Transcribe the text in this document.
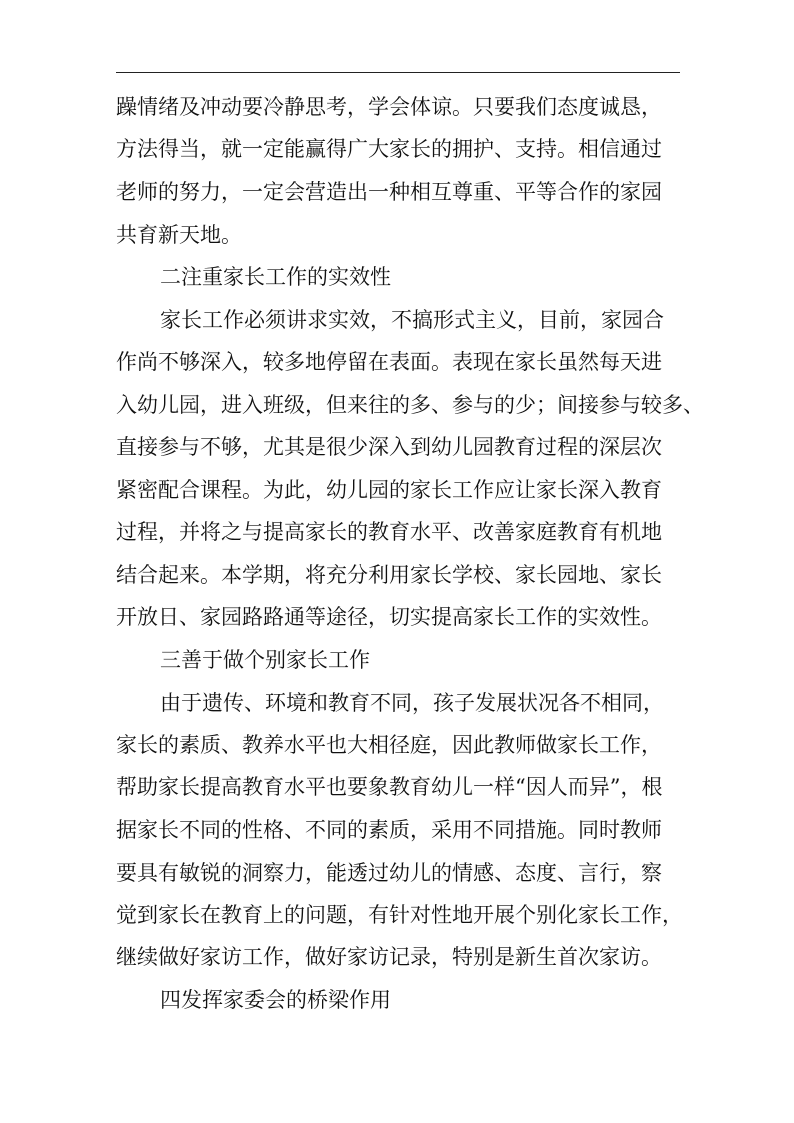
躁情绪及冲动要冷静思考，学会体谅。只要我们态度诚恳，
方法得当，就一定能赢得广大家长的拥护、支持。相信通过
老师的努力，一定会营造出一种相互尊重、平等合作的家园
共育新天地。
二注重家长工作的实效性
家长工作必须讲求实效，不搞形式主义，目前，家园合
作尚不够深入，较多地停留在表面。表现在家长虽然每天进
入幼儿园，进入班级，但来往的多、参与的少；间接参与较多、
直接参与不够，尤其是很少深入到幼儿园教育过程的深层次
紧密配合课程。为此，幼儿园的家长工作应让家长深入教育
过程，并将之与提高家长的教育水平、改善家庭教育有机地
结合起来。本学期，将充分利用家长学校、家长园地、家长
开放日、家园路路通等途径，切实提高家长工作的实效性。
三善于做个别家长工作
由于遗传、环境和教育不同，孩子发展状况各不相同，
家长的素质、教养水平也大相径庭，因此教师做家长工作，
帮助家长提高教育水平也要象教育幼儿一样“因人而异”，根
据家长不同的性格、不同的素质，采用不同措施。同时教师
要具有敏锐的洞察力，能透过幼儿的情感、态度、言行，察
觉到家长在教育上的问题，有针对性地开展个别化家长工作，
继续做好家访工作，做好家访记录，特别是新生首次家访。
四发挥家委会的桥梁作用
